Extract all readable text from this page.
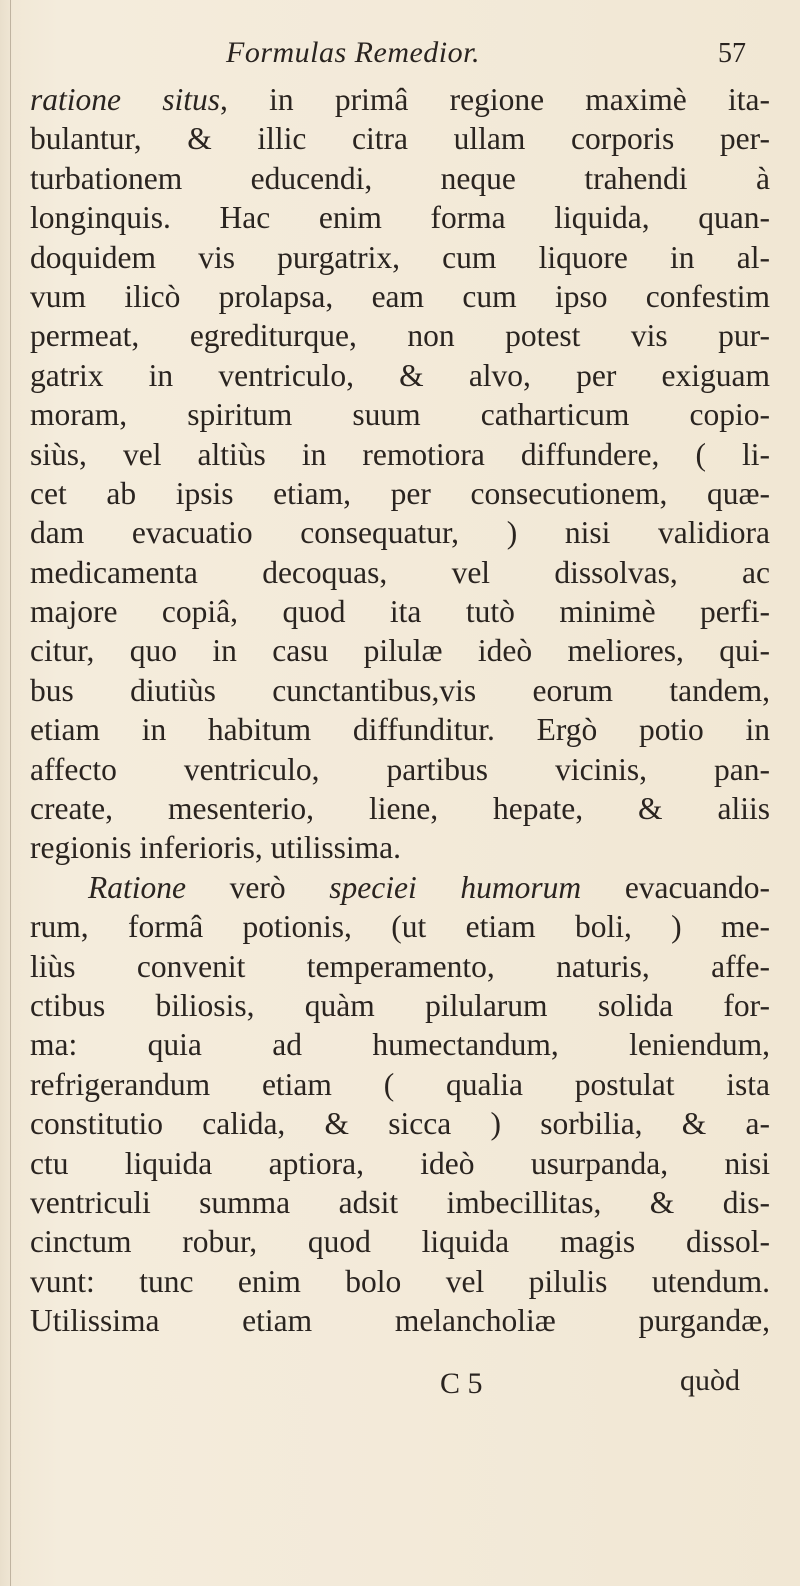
Formulas Remedior.	57
ratione situs, in primâ regione maximè ita-
bulantur, & illic citra ullam corporis per-
turbationem educendi, neque trahendi à
longinquis. Hac enim forma liquida, quan-
doquidem vis purgatrix, cum liquore in al-
vum ilicò prolapsa, eam cum ipso confestim
permeat, egrediturque, non potest vis pur-
gatrix in ventriculo, & alvo, per exiguam
moram, spiritum suum catharticum copio-
siùs, vel altiùs in remotiora diffundere, ( li-
cet ab ipsis etiam, per consecutionem, quæ-
dam evacuatio consequatur, ) nisi validiora
medicamenta decoquas, vel dissolvas, ac
majore copiâ, quod ita tutò minimè perfi-
citur, quo in casu pilulæ ideò meliores, qui-
bus diutiùs cunctantibus,vis eorum tandem,
etiam in habitum diffunditur. Ergò potio in
affecto ventriculo, partibus vicinis, pan-
create, mesenterio, liene, hepate, & aliis
regionis inferioris, utilissima.
Ratione verò speciei humorum evacuando-
rum, formâ potionis, (ut etiam boli, ) me-
liùs convenit temperamento, naturis, affe-
ctibus biliosis, quàm pilularum solida for-
ma: quia ad humectandum, leniendum,
refrigerandum etiam ( qualia postulat ista
constitutio calida, & sicca ) sorbilia, & a-
ctu liquida aptiora, ideò usurpanda, nisi
ventriculi summa adsit imbecillitas, & dis-
cinctum robur, quod liquida magis dissol-
vunt: tunc enim bolo vel pilulis utendum.
Utilissima etiam melancholiæ purgandæ,
C 5	quòd
